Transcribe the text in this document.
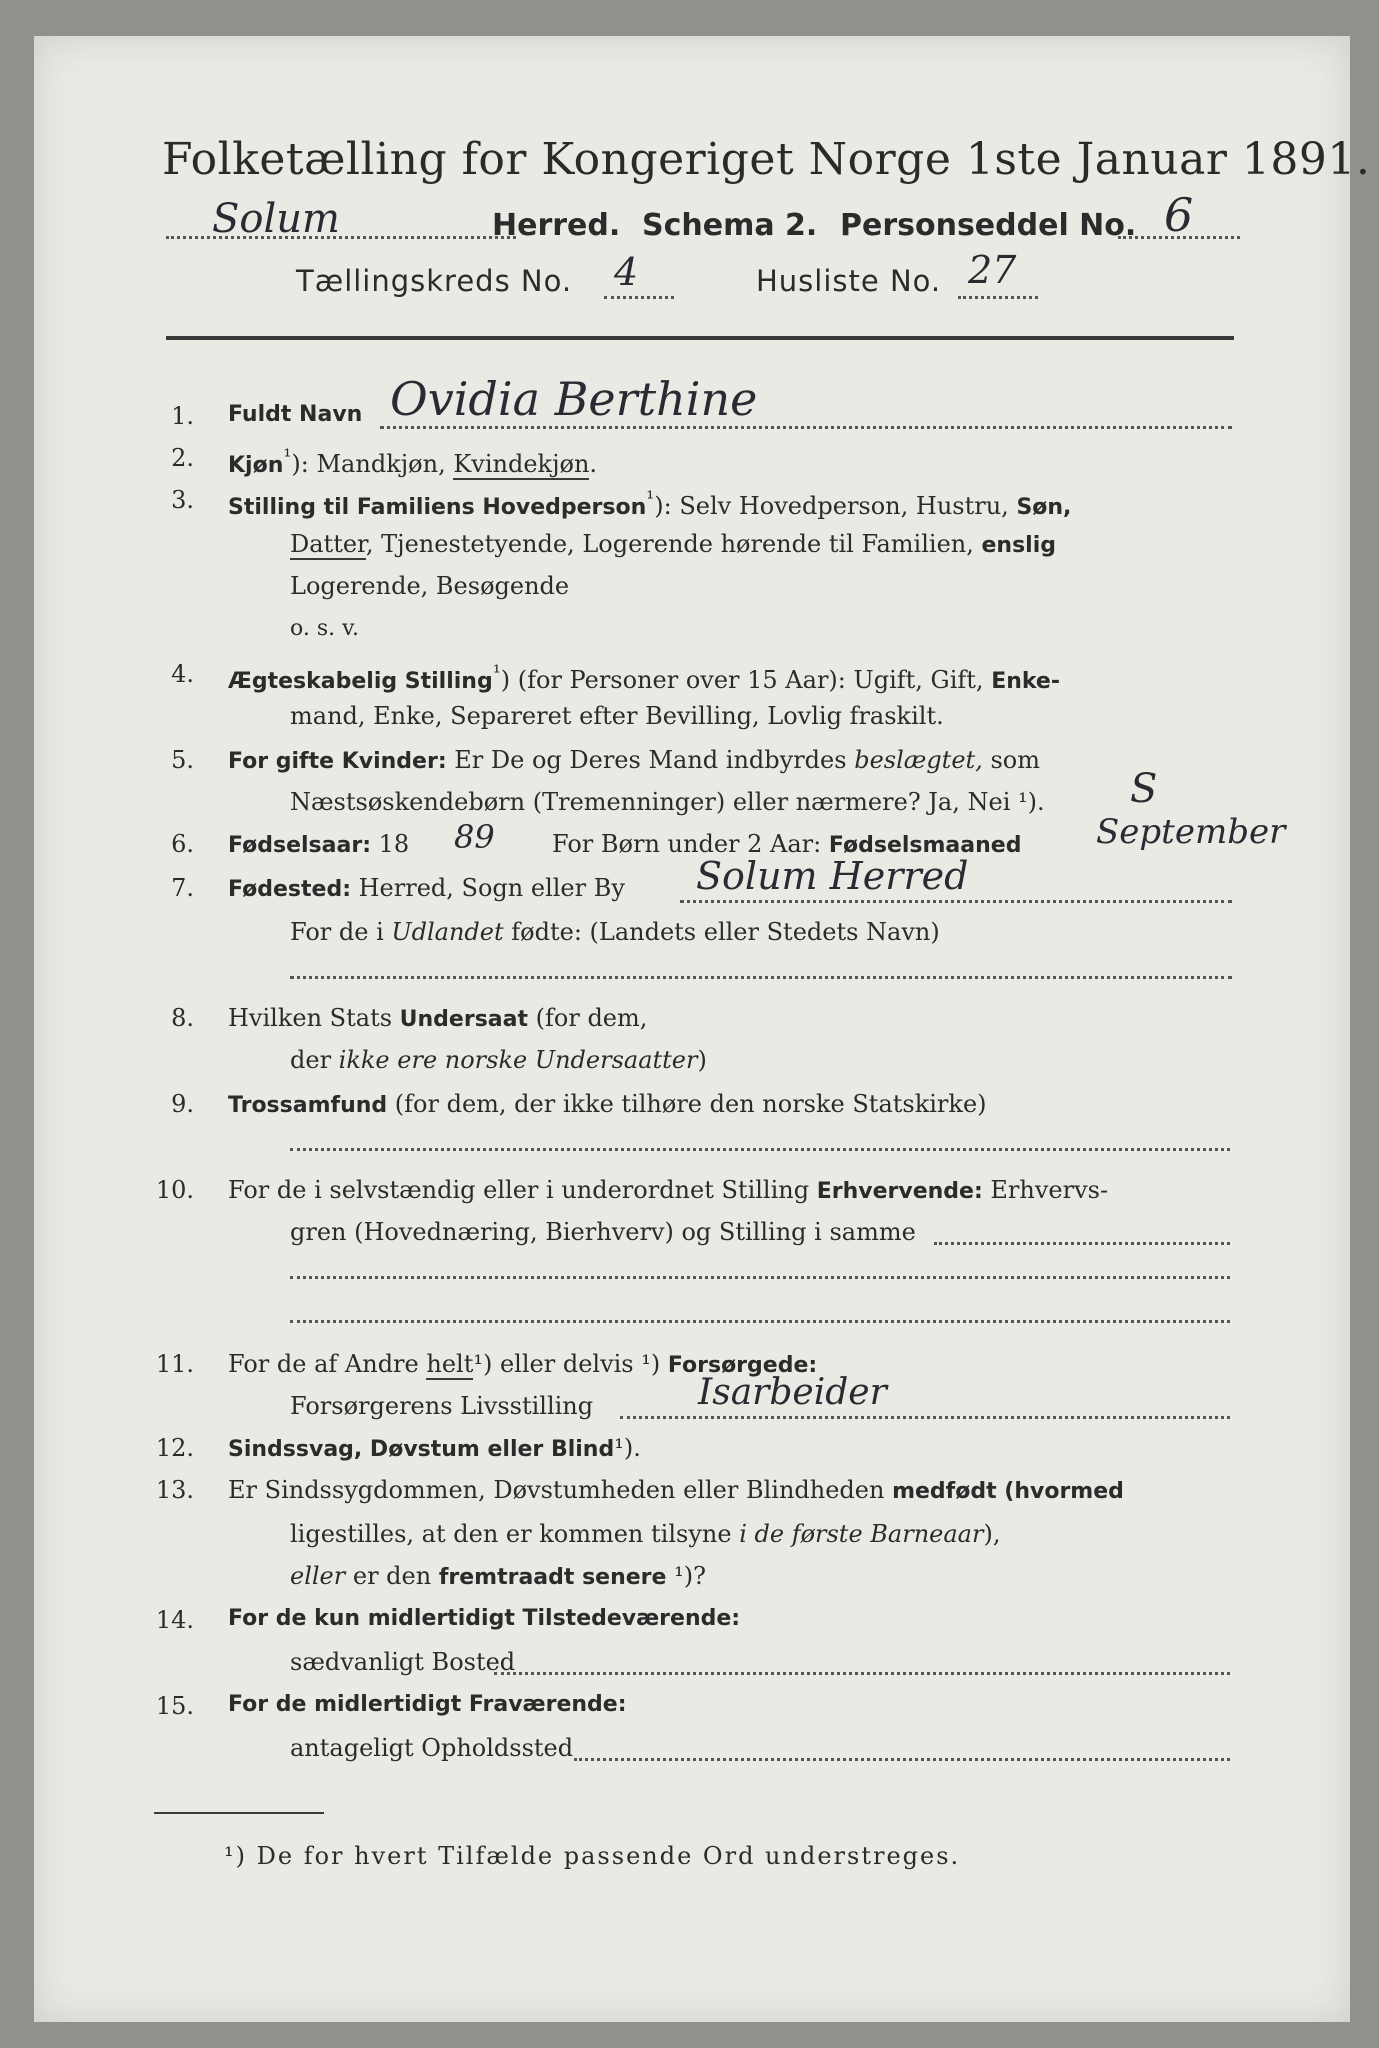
Folketælling for Kongeriget Norge 1ste Januar 1891.
Solum	Herred. Schema 2. Personseddel No. 6
Tællingskreds No. 4	Husliste No. 27
1. Fuldt Navn Ovidia Berthine
2. Kjøn$^{^1}$): Mandkjøn, Kvindekjøn.
3. Stilling til Familiens Hovedperson$^{^1}$): Selv Hovedperson, Hustru, Søn,
Datter, Tjenestetyende, Logerende hørende til Familien, enslig
Logerende, Besøgende
o. s. v.
4. Ægteskabelig Stilling$^{^1}$) (for Personer over 15 Aar): Ugift, Gift, Enke-
mand, Enke, Separeret efter Bevilling, Lovlig fraskilt.
5. For gifte Kvinder: Er De og Deres Mand indbyrdes beslægtet, som
Næstsøskendebørn (Tremenninger) eller nærmere? Ja, Nei ¹). S
6. Fødselsaar: 18 89 For Børn under 2 Aar: Fødselsmaaned September
7. Fødested: Herred, Sogn eller By Solum Herred
For de i Udlandet fødte: (Landets eller Stedets Navn)
8. Hvilken Stats Undersaat (for dem,
der ikke ere norske Undersaatter)
9. Trossamfund (for dem, der ikke tilhøre den norske Statskirke)
10. For de i selvstændig eller i underordnet Stilling Erhvervende: Erhvervs-
gren (Hovednæring, Bierhverv) og Stilling i samme
11. For de af Andre helt¹) eller delvis ¹) Forsørgede:
Forsørgerens Livsstilling	Isarbeider
12. Sindssvag, Døvstum eller Blind¹).
13. Er Sindssygdommen, Døvstumheden eller Blindheden medfødt (hvormed
ligestilles, at den er kommen tilsyne i de første Barneaar),
eller er den fremtraadt senere ¹)?
14. For de kun midlertidigt Tilstedeværende:
sædvanligt Bosted
15. For de midlertidigt Fraværende:
antageligt Opholdssted
¹) De for hvert Tilfælde passende Ord understreges.
